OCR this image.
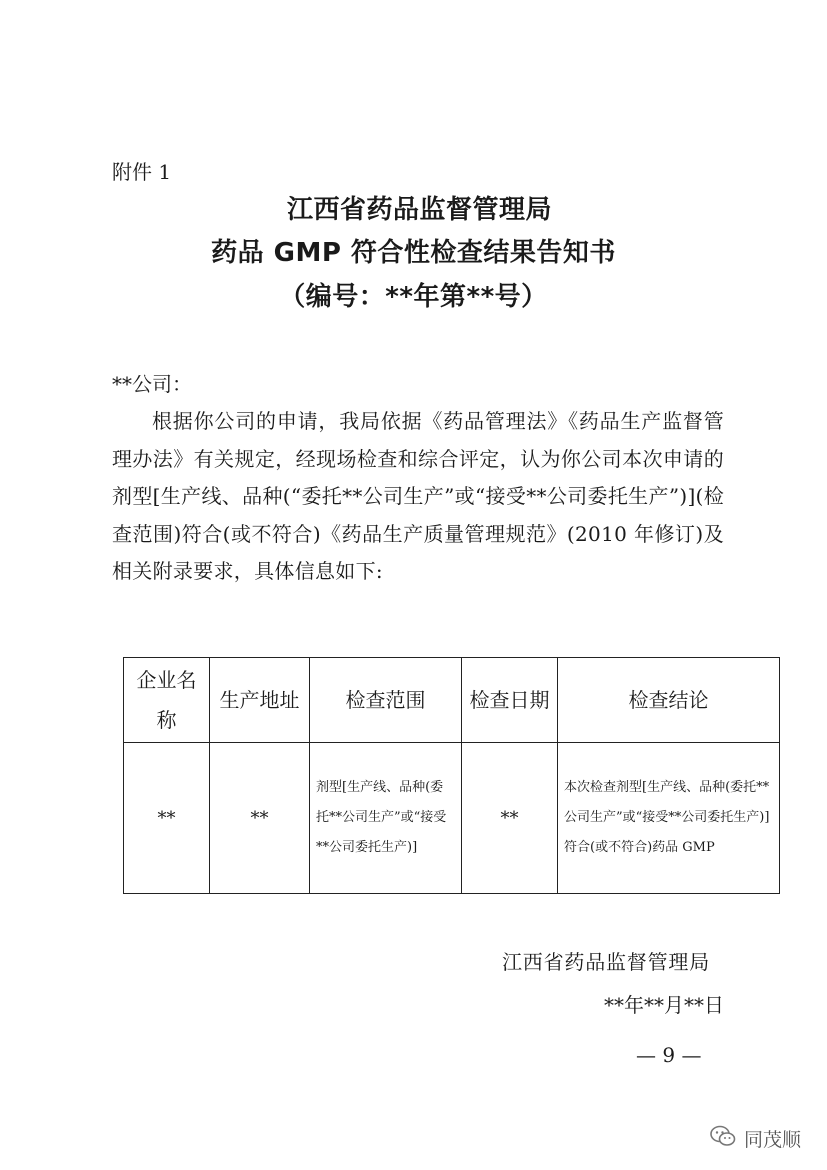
附件 1
江西省药品监督管理局
药品 GMP 符合性检查结果告知书
（编号：**年第**号）
**公司：
根据你公司的申请，我局依据《药品管理法》《药品生产监督管理办法》有关规定，经现场检查和综合评定，认为你公司本次申请的剂型[生产线、品种(“委托**公司生产”或“接受**公司委托生产”)](检查范围)符合(或不符合)《药品生产质量管理规范》(2010 年修订)及相关附录要求，具体信息如下:
企业名称	生产地址	检查范围	检查日期	检查结论
**	**	剂型[生产线、品种(委托**公司生产”或“接受**公司委托生产)]	**	本次检查剂型[生产线、品种(委托**公司生产”或“接受**公司委托生产)]符合(或不符合)药品 GMP
江西省药品监督管理局
**年**月**日
— 9 —
同茂顺
